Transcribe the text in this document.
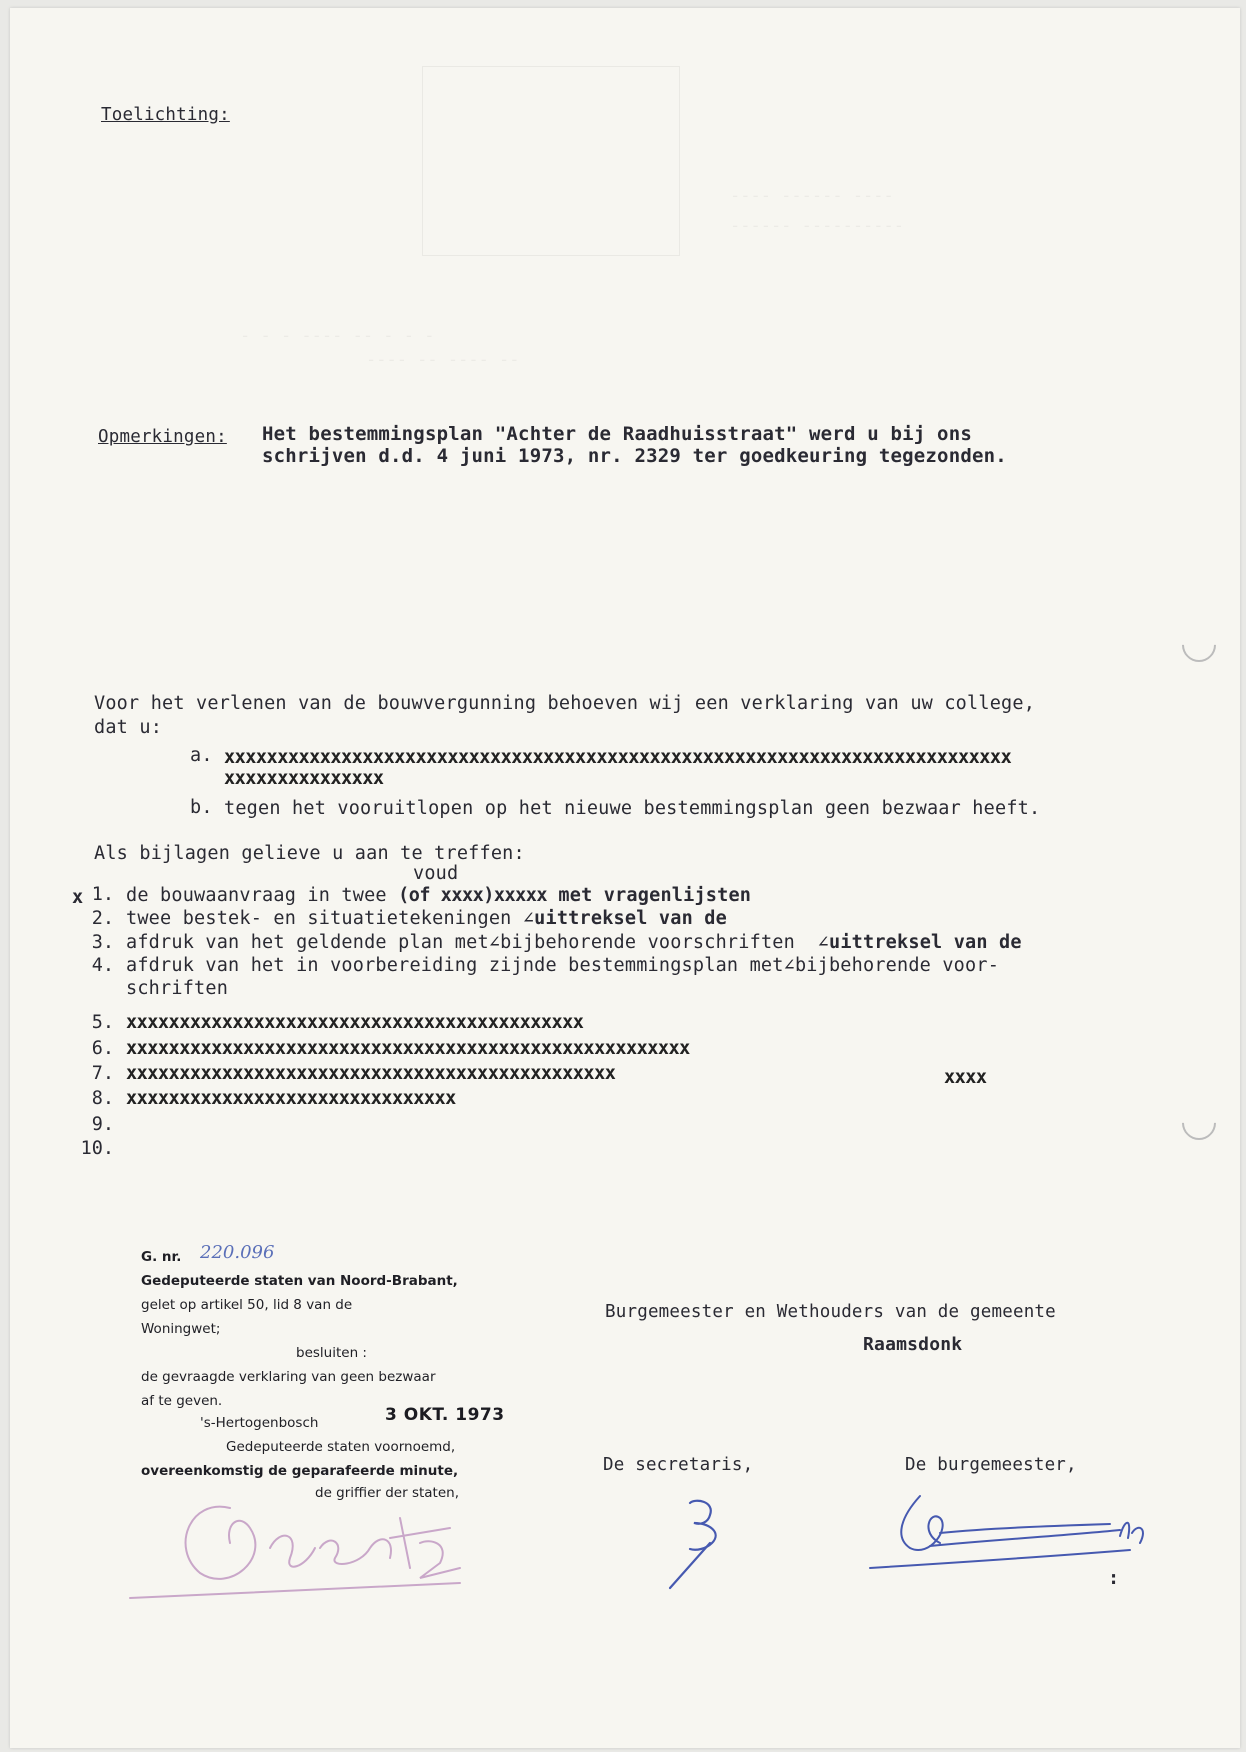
Toelichting:
Opmerkingen: Het bestemmingsplan "Achter de Raadhuisstraat" werd u bij ons
schrijven d.d. 4 juni 1973, nr. 2329 ter goedkeuring tegezonden.
Voor het verlenen van de bouwvergunning behoeven wij een verklaring van uw college,
dat u:
a. xxxxxxxxxxxxxxxxxxxxxxxxxxxxxxxxxxxxxxxxxxxxxxxxxxxxxxxxxxxxxxxxxxxxxxxxxx
xxxxxxxxxxxxxxx
b. tegen het vooruitlopen op het nieuwe bestemmingsplan geen bezwaar heeft.
Als bijlagen gelieve u aan te treffen:
voud
x 1. de bouwaanvraag in twee (of xxxx)xxxxx met vragenlijsten
2. twee bestek- en situatietekeningen ∠uittreksel van de
3. afdruk van het geldende plan met∠bijbehorende voorschriften  ∠uittreksel van de
4. afdruk van het in voorbereiding zijnde bestemmingsplan met∠bijbehorende voor-
schriften
5. xxxxxxxxxxxxxxxxxxxxxxxxxxxxxxxxxxxxxxxxxxx
6. xxxxxxxxxxxxxxxxxxxxxxxxxxxxxxxxxxxxxxxxxxxxxxxxxxxxx
7. xxxxxxxxxxxxxxxxxxxxxxxxxxxxxxxxxxxxxxxxxxxxxx	xxxx
8. xxxxxxxxxxxxxxxxxxxxxxxxxxxxxxx
9.
10.
G. nr. 220.096
Gedeputeerde staten van Noord-Brabant,
gelet op artikel 50, lid 8 van de
Woningwet;
besluiten :
de gevraagde verklaring van geen bezwaar
af te geven.
's-Hertogenbosch	3 OKT. 1973
Gedeputeerde staten voornoemd,
overeenkomstig de geparafeerde minute,
de griffier der staten,
Burgemeester en Wethouders van de gemeente
Raamsdonk
De secretaris,	De burgemeester,
:
